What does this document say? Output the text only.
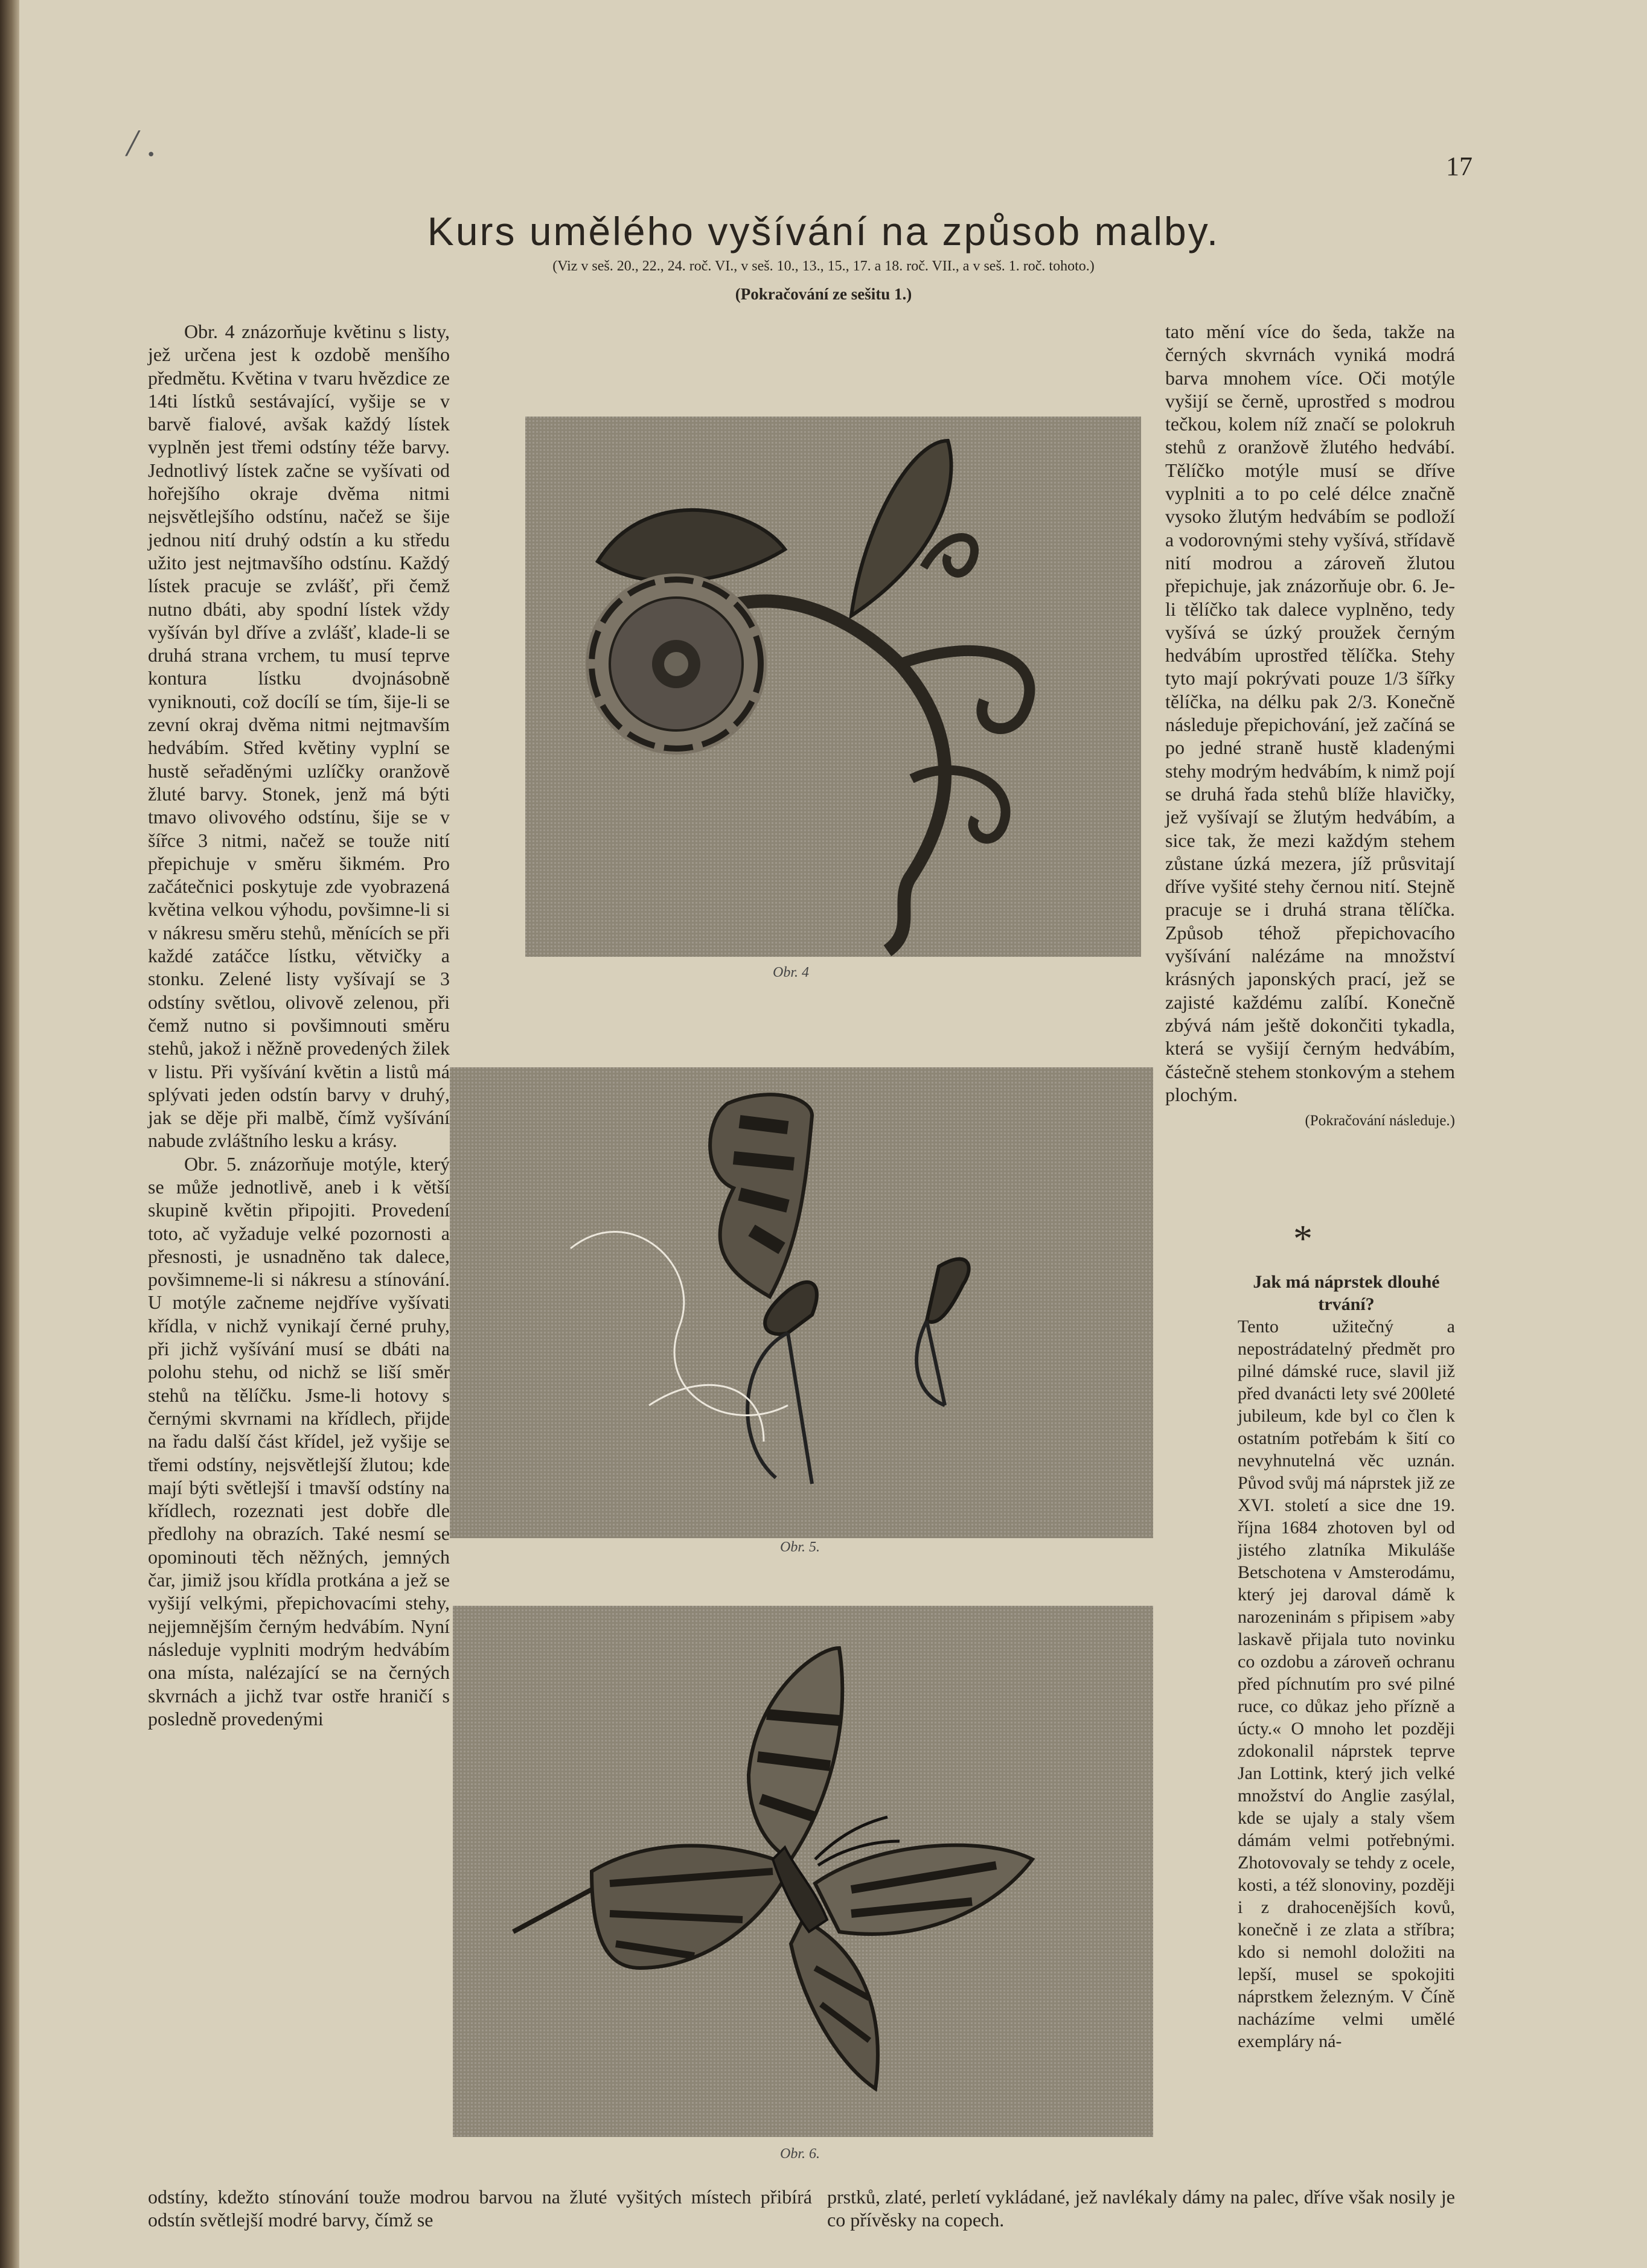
/ .
17
Kurs umělého vyšívání na způsob malby.
(Viz v seš. 20., 22., 24. roč. VI., v seš. 10., 13., 15., 17. a 18. roč. VII., a v seš. 1. roč. tohoto.)
(Pokračování ze sešitu 1.)
Obr. 4
Obr. 5.
Obr. 6.

Obr. 4 znázorňuje květinu s listy, jež určena jest k ozdobě menšího předmětu. Květina v tvaru hvězdice ze 14ti lístků sestávající, vyšije se v barvě fialové, avšak každý lístek vyplněn jest třemi odstíny téže barvy. Jednotlivý lístek začne se vyšívati od hořejšího okraje dvěma nitmi nejsvětlejšího odstínu, načež se šije jednou nití druhý odstín a ku středu užito jest nejtmavšího odstínu. Každý lístek pracuje se zvlášť, při čemž nutno dbáti, aby spodní lístek vždy vyšíván byl dříve a zvlášť, klade-li se druhá strana vrchem, tu musí teprve kontura lístku dvojnásobně vyniknouti, což docílí se tím, šije-li se zevní okraj dvěma nitmi nejtmavším hedvábím. Střed květiny vyplní se hustě seřaděnými uzlíčky oranžově žluté barvy. Stonek, jenž má býti tmavo olivového odstínu, šije se v šířce 3 nitmi, načež se touže nití přepichuje v směru šikmém. Pro začátečnici poskytuje zde vyobrazená květina velkou výhodu, povšimne-li si v nákresu směru stehů, měnících se při každé zatáčce lístku, větvičky a stonku. Zelené listy vyšívají se 3 odstíny světlou, olivově zelenou, při čemž nutno si povšimnouti směru stehů, jakož i něžně provedených žilek v listu. Při vyšívání květin a listů má splývati jeden odstín barvy v druhý, jak se děje při malbě, čímž vyšívání nabude zvláštního lesku a krásy.

Obr. 5. znázorňuje motýle, který se může jednotlivě, aneb i k větší skupině květin připojiti. Provedení toto, ač vyžaduje velké pozornosti a přesnosti, je usnadněno tak dalece, povšimneme-li si nákresu a stínování. U motýle začneme nejdříve vyšívati křídla, v nichž vynikají černé pruhy, při jichž vyšívání musí se dbáti na polohu stehu, od nichž se liší směr stehů na tělíčku. Jsme-li hotovy s černými skvrnami na křídlech, přijde na řadu další část křídel, jež vyšije se třemi odstíny, nejsvětlejší žlutou; kde mají býti světlejší i tmavší odstíny na křídlech, rozeznati jest dobře dle předlohy na obrazích. Také nesmí se opominouti těch něžných, jemných čar, jimiž jsou křídla protkána a jež se vyšijí velkými, přepichovacími stehy, nejjemnějším černým hedvábím. Nyní následuje vyplniti modrým hedvábím ona místa, nalézající se na černých skvrnách a jichž tvar ostře hraničí s posledně provedenými

tato mění více do šeda, takže na černých skvrnách vyniká modrá barva mnohem více. Oči motýle vyšijí se černě, uprostřed s modrou tečkou, kolem níž značí se polokruh stehů z oranžově žlutého hedvábí. Tělíčko motýle musí se dříve vyplniti a to po celé délce značně vysoko žlutým hedvábím se podloží a vodorovnými stehy vyšívá, střídavě nití modrou a zároveň žlutou přepichuje, jak znázorňuje obr. 6. Je-li tělíčko tak dalece vyplněno, tedy vyšívá se úzký proužek černým hedvábím uprostřed tělíčka. Stehy tyto mají pokrývati pouze 1/3 šířky tělíčka, na délku pak 2/3. Konečně následuje přepichování, jež začíná se po jedné straně hustě kladenými stehy modrým hedvábím, k nimž pojí se druhá řada stehů blíže hlavičky, jež vyšívají se žlutým hedvábím, a sice tak, že mezi každým stehem zůstane úzká mezera, jíž průsvitají dříve vyšité stehy černou nití. Stejně pracuje se i druhá strana tělíčka. Způsob téhož přepichovacího vyšívání nalézáme na množství krásných japonských prací, jež se zajisté každému zalíbí. Konečně zbývá nám ještě dokončiti tykadla, která se vyšijí černým hedvábím, částečně stehem stonkovým a stehem plochým.

(Pokračování následuje.)

*

Jak má náprstek dlouhé trvání?

Tento užitečný a nepostrádatelný předmět pro pilné dámské ruce, slavil již před dvanácti lety své 200leté jubileum, kde byl co člen k ostatním potřebám k šití co nevyhnutelná věc uznán. Původ svůj má náprstek již ze XVI. století a sice dne 19. října 1684 zhotoven byl od jistého zlatníka Mikuláše Betschotena v Amsterodámu, který jej daroval dámě k narozeninám s připisem »aby laskavě přijala tuto novinku co ozdobu a zároveň ochranu před píchnutím pro své pilné ruce, co důkaz jeho přízně a úcty.« O mnoho let později zdokonalil náprstek teprve Jan Lottink, který jich velké množství do Anglie zasýlal, kde se ujaly a staly všem dámám velmi potřebnými. Zhotovovaly se tehdy z ocele, kosti, a též slonoviny, později i z drahocenějších kovů, konečně i ze zlata a stříbra; kdo si nemohl doložiti na lepší, musel se spokojiti náprstkem železným. V Číně nacházíme velmi umělé exempláry ná-

odstíny, kdežto stínování touže modrou barvou na žluté vyšitých místech přibírá odstín světlejší modré barvy, čímž se
prstků, zlaté, perletí vykládané, jež navlékaly dámy na palec, dříve však nosily je co přívěsky na copech.
